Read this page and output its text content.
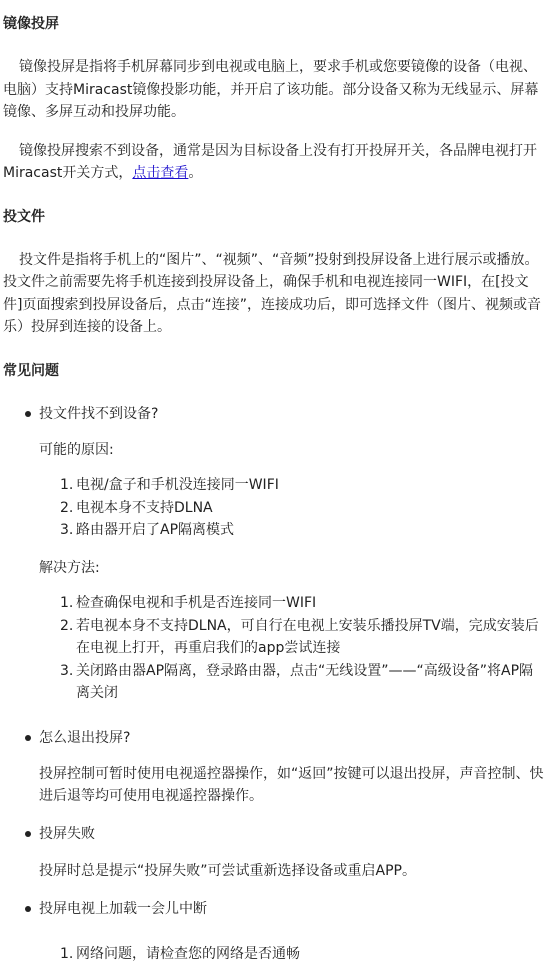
镜像投屏

镜像投屏是指将手机屏幕同步到电视或电脑上，要求手机或您要镜像的设备（电视、电脑）支持Miracast镜像投影功能，并开启了该功能。部分设备又称为无线显示、屏幕镜像、多屏互动和投屏功能。

镜像投屏搜索不到设备，通常是因为目标设备上没有打开投屏开关，各品牌电视打开Miracast开关方式，点击查看。

投文件

投文件是指将手机上的“图片”、“视频”、“音频”投射到投屏设备上进行展示或播放。投文件之前需要先将手机连接到投屏设备上，确保手机和电视连接同一WIFI，在[投文件]页面搜索到投屏设备后，点击“连接”，连接成功后，即可选择文件（图片、视频或音乐）投屏到连接的设备上。

常见问题
投文件找不到设备?
可能的原因:
1. 电视/盒子和手机没连接同一WIFI
2. 电视本身不支持DLNA
3. 路由器开启了AP隔离模式
解决方法:
1. 检查确保电视和手机是否连接同一WIFI
2. 若电视本身不支持DLNA，可自行在电视上安装乐播投屏TV端，完成安装后在电视上打开，再重启我们的app尝试连接
3. 关闭路由器AP隔离，登录路由器，点击“无线设置”——“高级设备”将AP隔离关闭
怎么退出投屏?
投屏控制可暂时使用电视遥控器操作，如“返回”按键可以退出投屏，声音控制、快进后退等均可使用电视遥控器操作。
投屏失败
投屏时总是提示“投屏失败”可尝试重新选择设备或重启APP。
投屏电视上加载一会儿中断
1. 网络问题，请检查您的网络是否通畅
